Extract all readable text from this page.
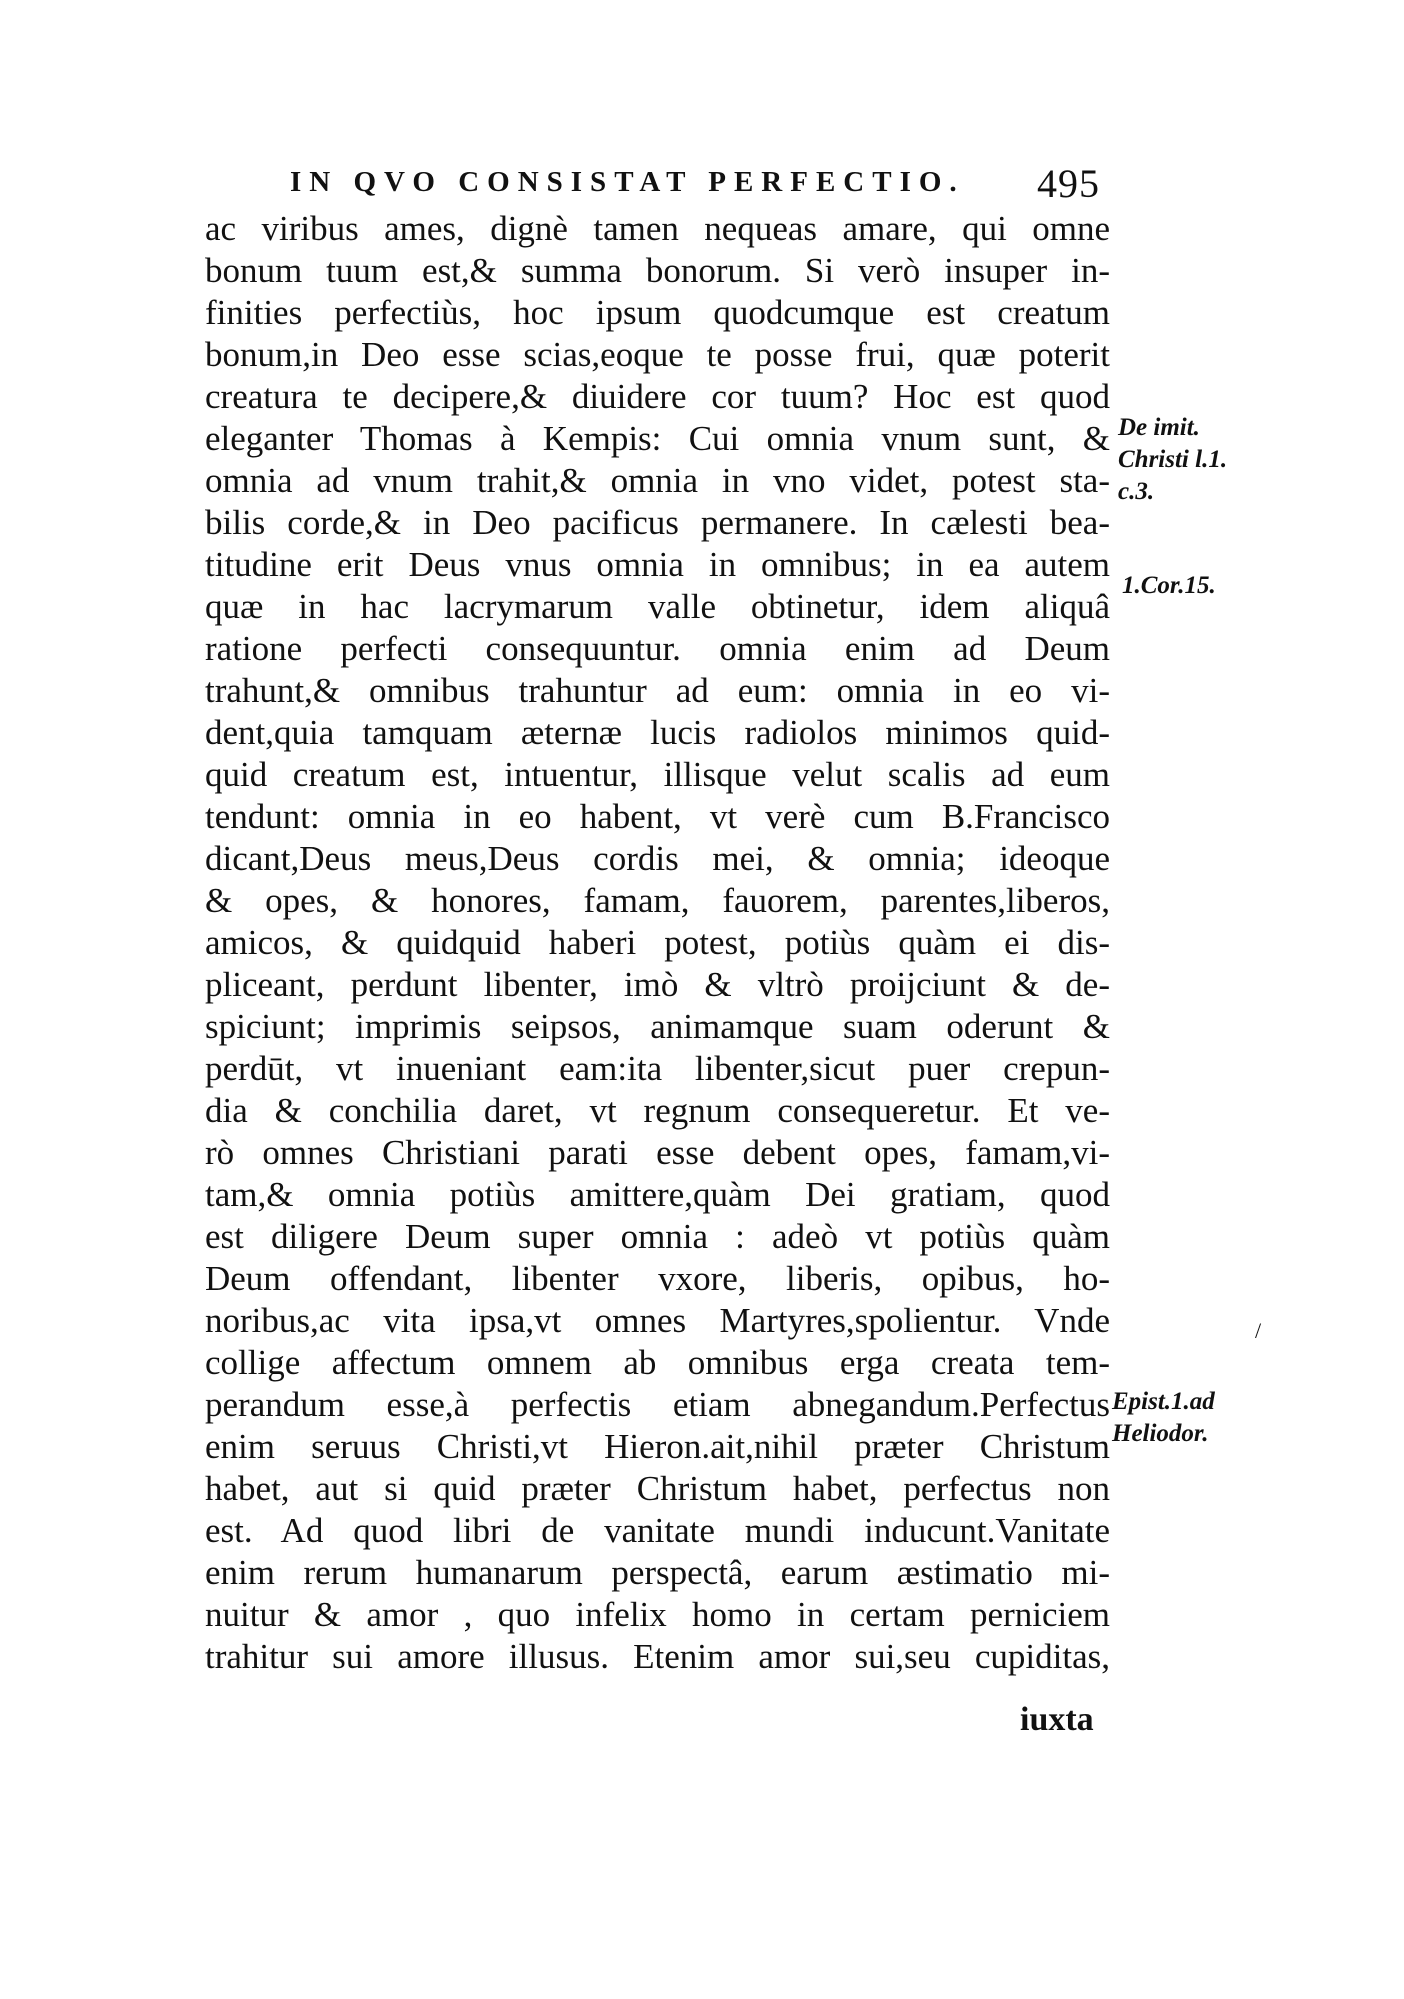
IN QVO CONSISTAT PERFECTIO. 495
ac viribus ames, dignè tamen nequeas amare, qui omne
bonum tuum est,& summa bonorum. Si verò insuper in-
finities perfectiùs, hoc ipsum quodcumque est creatum
bonum,in Deo esse scias,eoque te posse frui, quæ poterit
creatura te decipere,& diuidere cor tuum? Hoc est quod
eleganter Thomas à Kempis: Cui omnia vnum sunt, &
omnia ad vnum trahit,& omnia in vno videt, potest sta-
bilis corde,& in Deo pacificus permanere. In cælesti bea-
titudine erit Deus vnus omnia in omnibus; in ea autem
quæ in hac lacrymarum valle obtinetur, idem aliquâ
ratione perfecti consequuntur. omnia enim ad Deum
trahunt,& omnibus trahuntur ad eum: omnia in eo vi-
dent,quia tamquam æternæ lucis radiolos minimos quid-
quid creatum est, intuentur, illisque velut scalis ad eum
tendunt: omnia in eo habent, vt verè cum B.Francisco
dicant,Deus meus,Deus cordis mei, & omnia; ideoque
& opes, & honores, famam, fauorem, parentes,liberos,
amicos, & quidquid haberi potest, potiùs quàm ei dis-
pliceant, perdunt libenter, imò & vltrò proijciunt & de-
spiciunt; imprimis seipsos, animamque suam oderunt &
perdūt, vt inueniant eam:ita libenter,sicut puer crepun-
dia & conchilia daret, vt regnum consequeretur. Et ve-
rò omnes Christiani parati esse debent opes, famam,vi-
tam,& omnia potiùs amittere,quàm Dei gratiam, quod
est diligere Deum super omnia : adeò vt potiùs quàm
Deum offendant, libenter vxore, liberis, opibus, ho-
noribus,ac vita ipsa,vt omnes Martyres,spolientur. Vnde
collige affectum omnem ab omnibus erga creata tem-
perandum esse,à perfectis etiam abnegandum.Perfectus
enim seruus Christi,vt Hieron.ait,nihil præter Christum
habet, aut si quid præter Christum habet, perfectus non
est. Ad quod libri de vanitate mundi inducunt.Vanitate
enim rerum humanarum perspectâ, earum æstimatio mi-
nuitur & amor , quo infelix homo in certam perniciem
trahitur sui amore illusus. Etenim amor sui,seu cupiditas,
iuxta
De imit.
Christi l.1.
c.3.
1.Cor.15.
Epist.1.ad
Heliodor.
/
